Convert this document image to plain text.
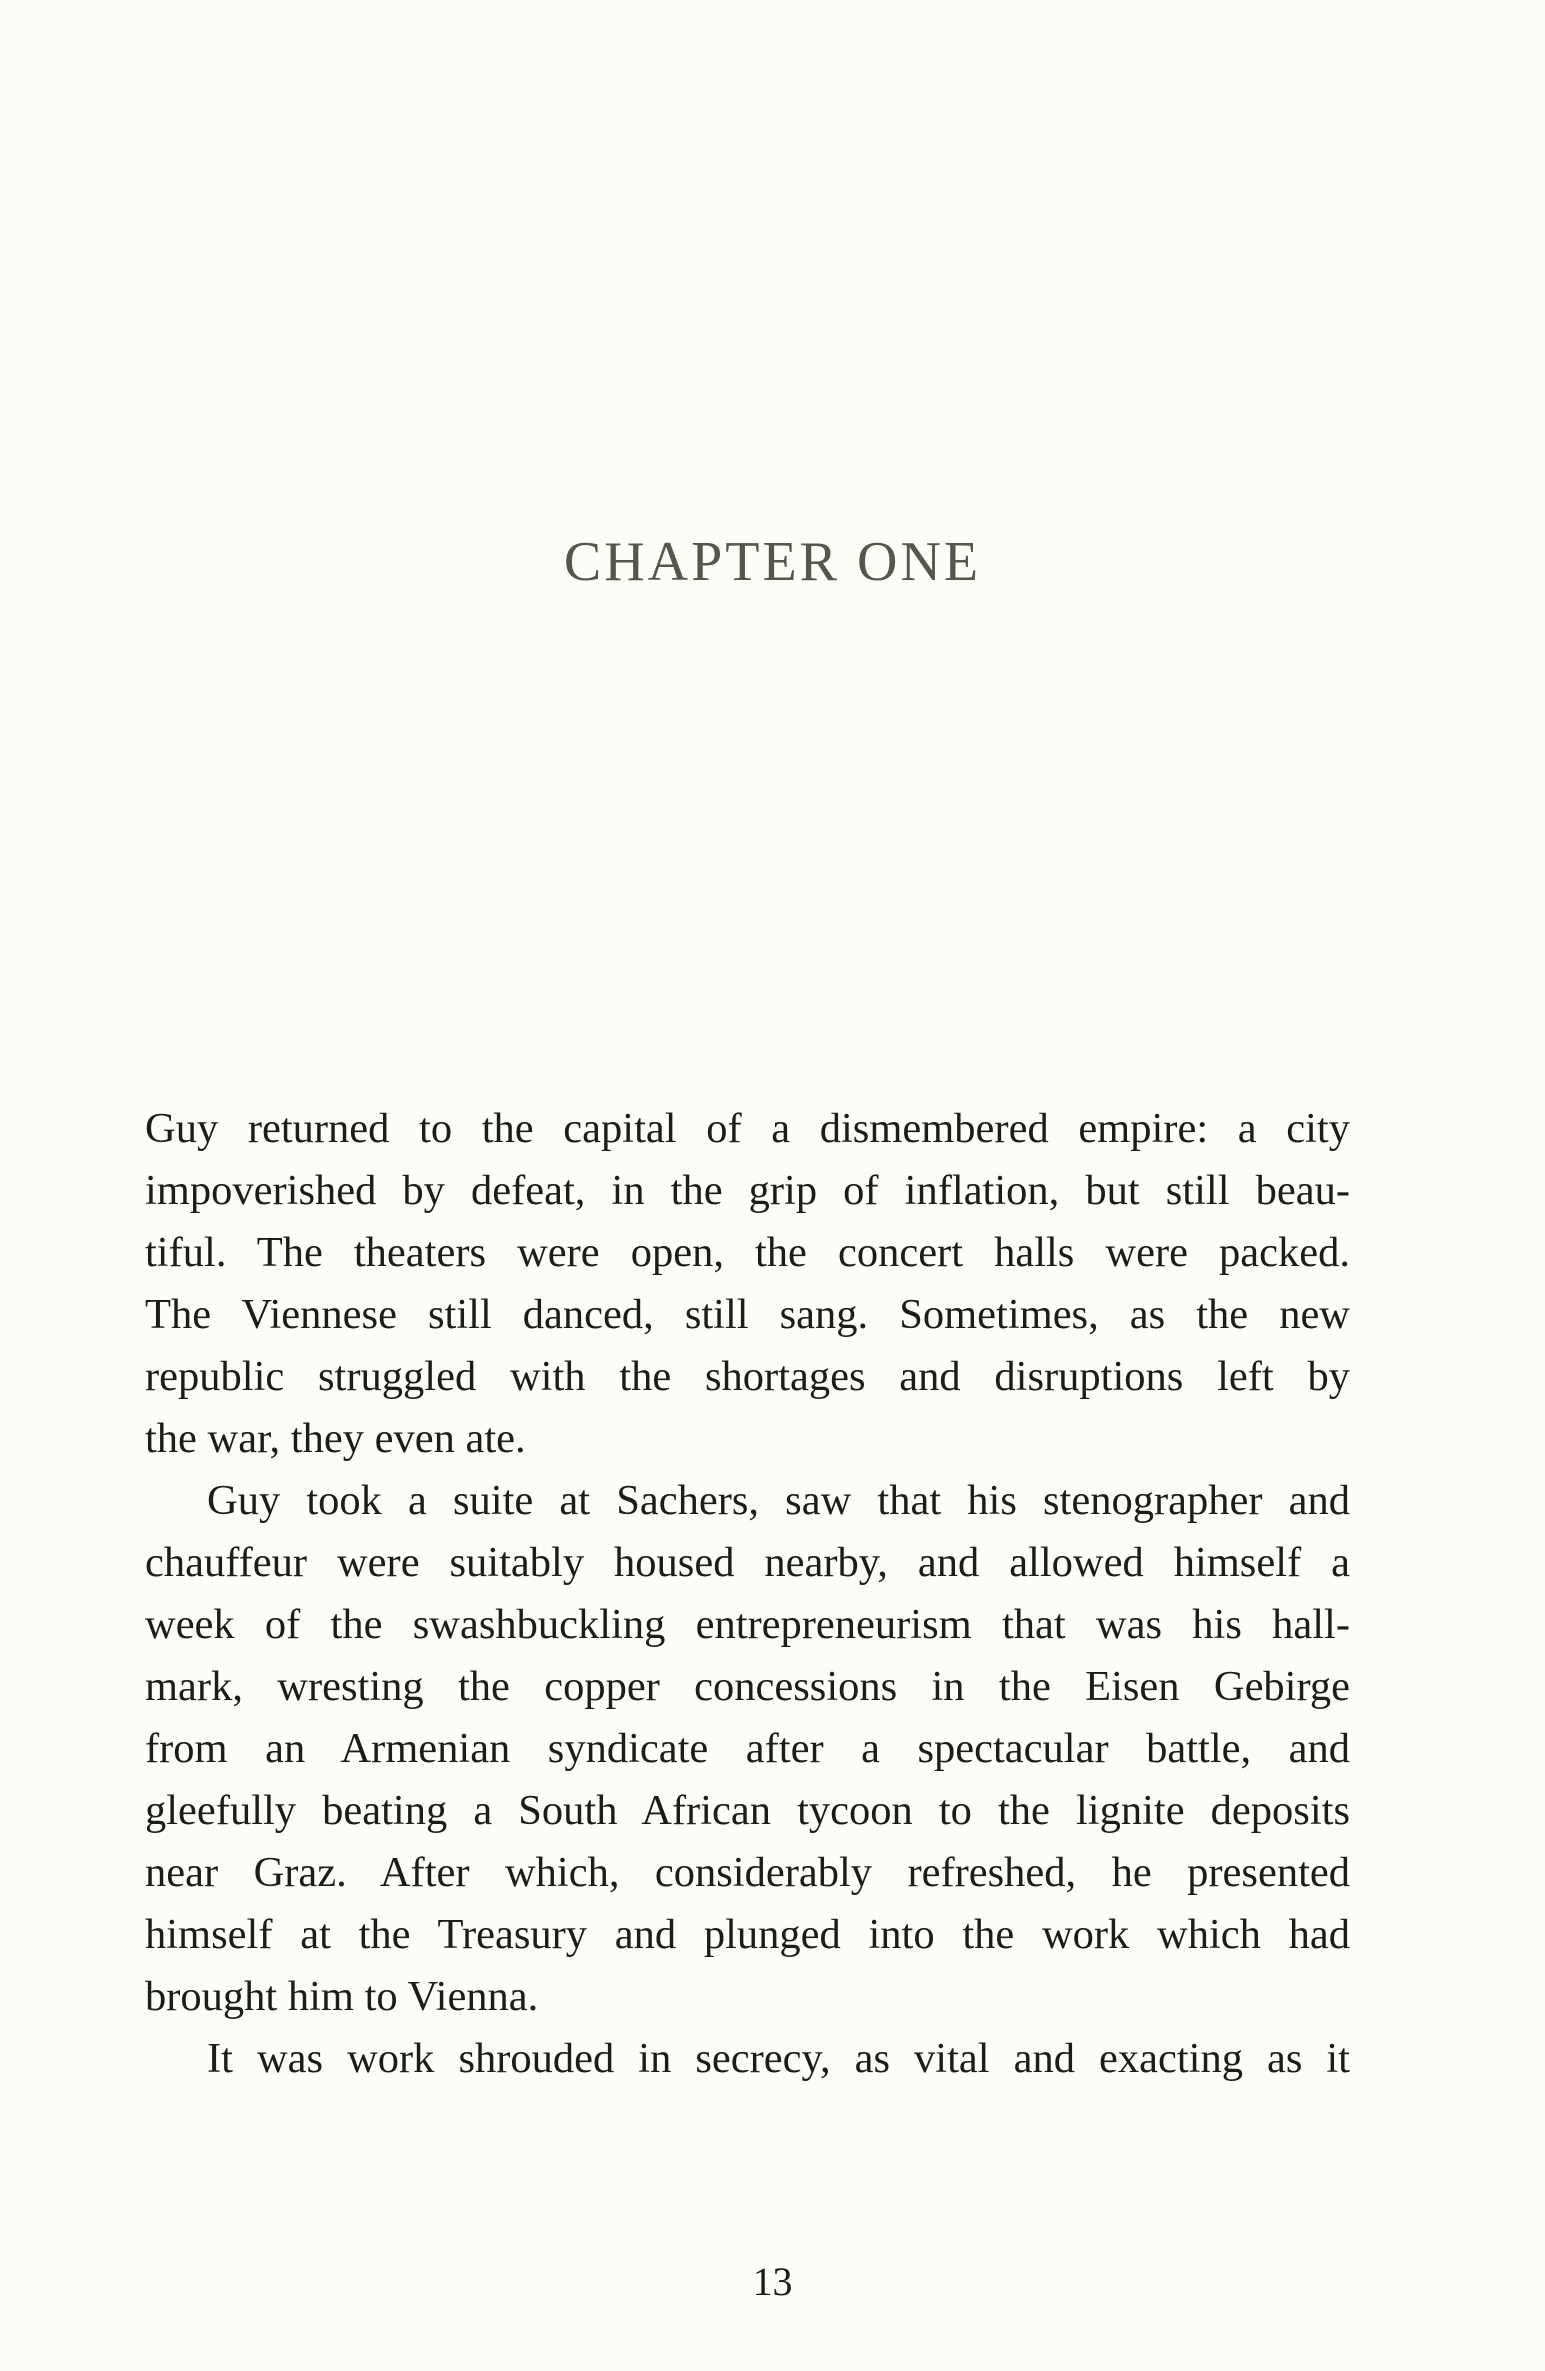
CHAPTER ONE
Guy returned to the capital of a dismembered empire: a city
impoverished by defeat, in the grip of inflation, but still beau-
tiful. The theaters were open, the concert halls were packed.
The Viennese still danced, still sang. Sometimes, as the new
republic struggled with the shortages and disruptions left by
the war, they even ate.
Guy took a suite at Sachers, saw that his stenographer and
chauffeur were suitably housed nearby, and allowed himself a
week of the swashbuckling entrepreneurism that was his hall-
mark, wresting the copper concessions in the Eisen Gebirge
from an Armenian syndicate after a spectacular battle, and
gleefully beating a South African tycoon to the lignite deposits
near Graz. After which, considerably refreshed, he presented
himself at the Treasury and plunged into the work which had
brought him to Vienna.
It was work shrouded in secrecy, as vital and exacting as it
13
